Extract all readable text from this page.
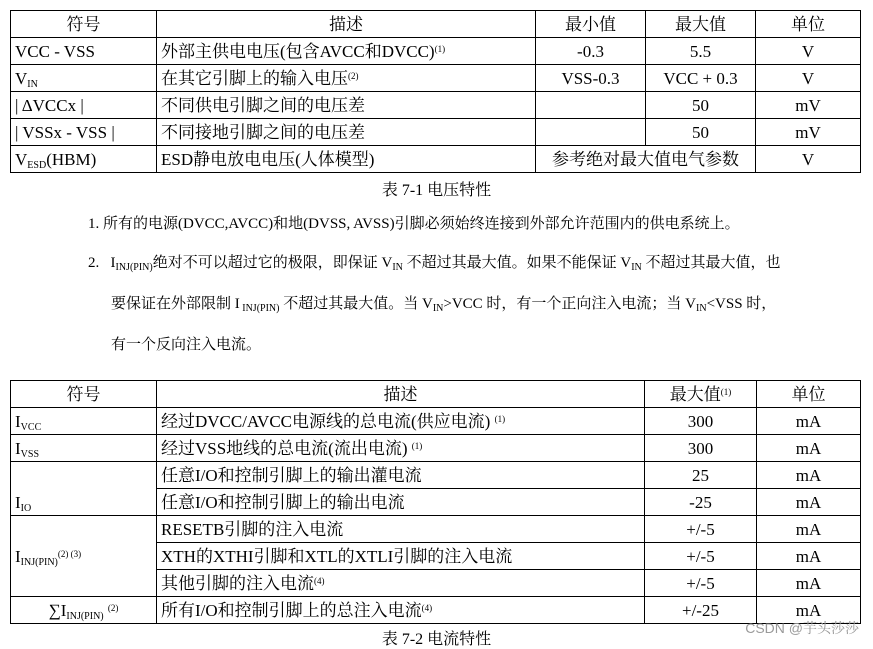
符号	描述	最小值	最大值	单位
VCC - VSS	外部主供电电压(包含AVCC和DVCC)$^{(1)}$	-0.3	5.5	V
$V_{IN}$	在其它引脚上的输入电压$^{(2)}$	VSS-0.3	VCC + 0.3	V
| ΔVCCx |	不同供电引脚之间的电压差		50	mV
| VSSx - VSS |	不同接地引脚之间的电压差		50	mV
$V_{ESD}(HBM)$	ESD静电放电电压(人体模型)	参考绝对最大值电气参数		V
表 7-1 电压特性
1. 所有的电源(DVCC,AVCC)和地(DVSS, AVSS)引脚必须始终连接到外部允许范围内的供电系统上。
2. $I_{INJ(PIN)}$绝对不可以超过它的极限，即保证 $V_{IN}$ 不超过其最大值。如果不能保证 $V_{IN}$ 不超过其最大值，也
要保证在外部限制 I $_{INJ(PIN)}$ 不超过其最大值。当 $V_{IN}>VCC$ 时，有一个正向注入电流；当 $V_{IN}<VSS$ 时，
有一个反向注入电流。
符号	描述	最大值$^{(1)}$	单位
$I_{VCC}$	经过DVCC/AVCC电源线的总电流(供应电流) $^{(1)}$	300	mA
$I_{VSS}$	经过VSS地线的总电流(流出电流) $^{(1)}$	300	mA
$I_{IO}$	任意I/O和控制引脚上的输出灌电流	25	mA
	任意I/O和控制引脚上的输出电流	-25	mA
$I_{INJ(PIN)}^{(2) (3)}$	RESETB引脚的注入电流	+/-5	mA
	XTH的XTHI引脚和XTL的XTLI引脚的注入电流	+/-5	mA
	其他引脚的注入电流$^{(4)}$	+/-5	mA
$\sum I_{INJ(PIN)}$ $^{(2)}$	所有I/O和控制引脚上的总注入电流$^{(4)}$	+/-25	mA
表 7-2 电流特性
CSDN @芋头莎莎
